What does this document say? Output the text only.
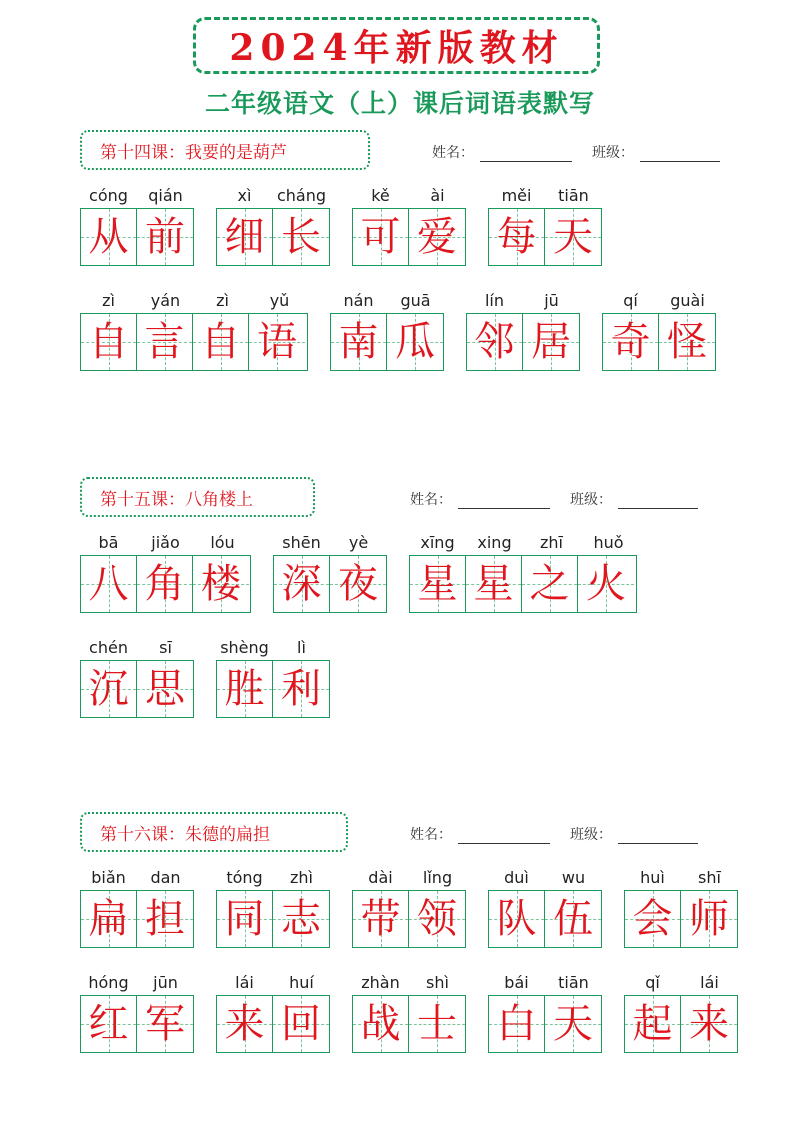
2024年新版教材
二年级语文（上）课后词语表默写
第十四课：我要的是葫芦	姓名：	班级：
cóng	qián
从 前
xì	cháng
细 长
kě	ài
可 爱
měi	tiān
每 天
zì	yán	zì	yǔ
自 言 自 语
nán	guā
南 瓜
lín	jū
邻 居
qí	guài
奇 怪
第十五课：八角楼上	姓名：	班级：
bā	jiǎo	lóu
八 角 楼
shēn	yè
深 夜
xīng	xing	zhī	huǒ
星 星 之 火
chén	sī
沉 思
shèng	lì
胜 利
第十六课：朱德的扁担	姓名：	班级：
biǎn	dan
扁 担
tóng	zhì
同 志
dài	lǐng
带 领
duì	wu
队 伍
huì	shī
会 师
hóng	jūn
红 军
lái	huí
来 回
zhàn	shì
战 士
bái	tiān
白 天
qǐ	lái
起 来
